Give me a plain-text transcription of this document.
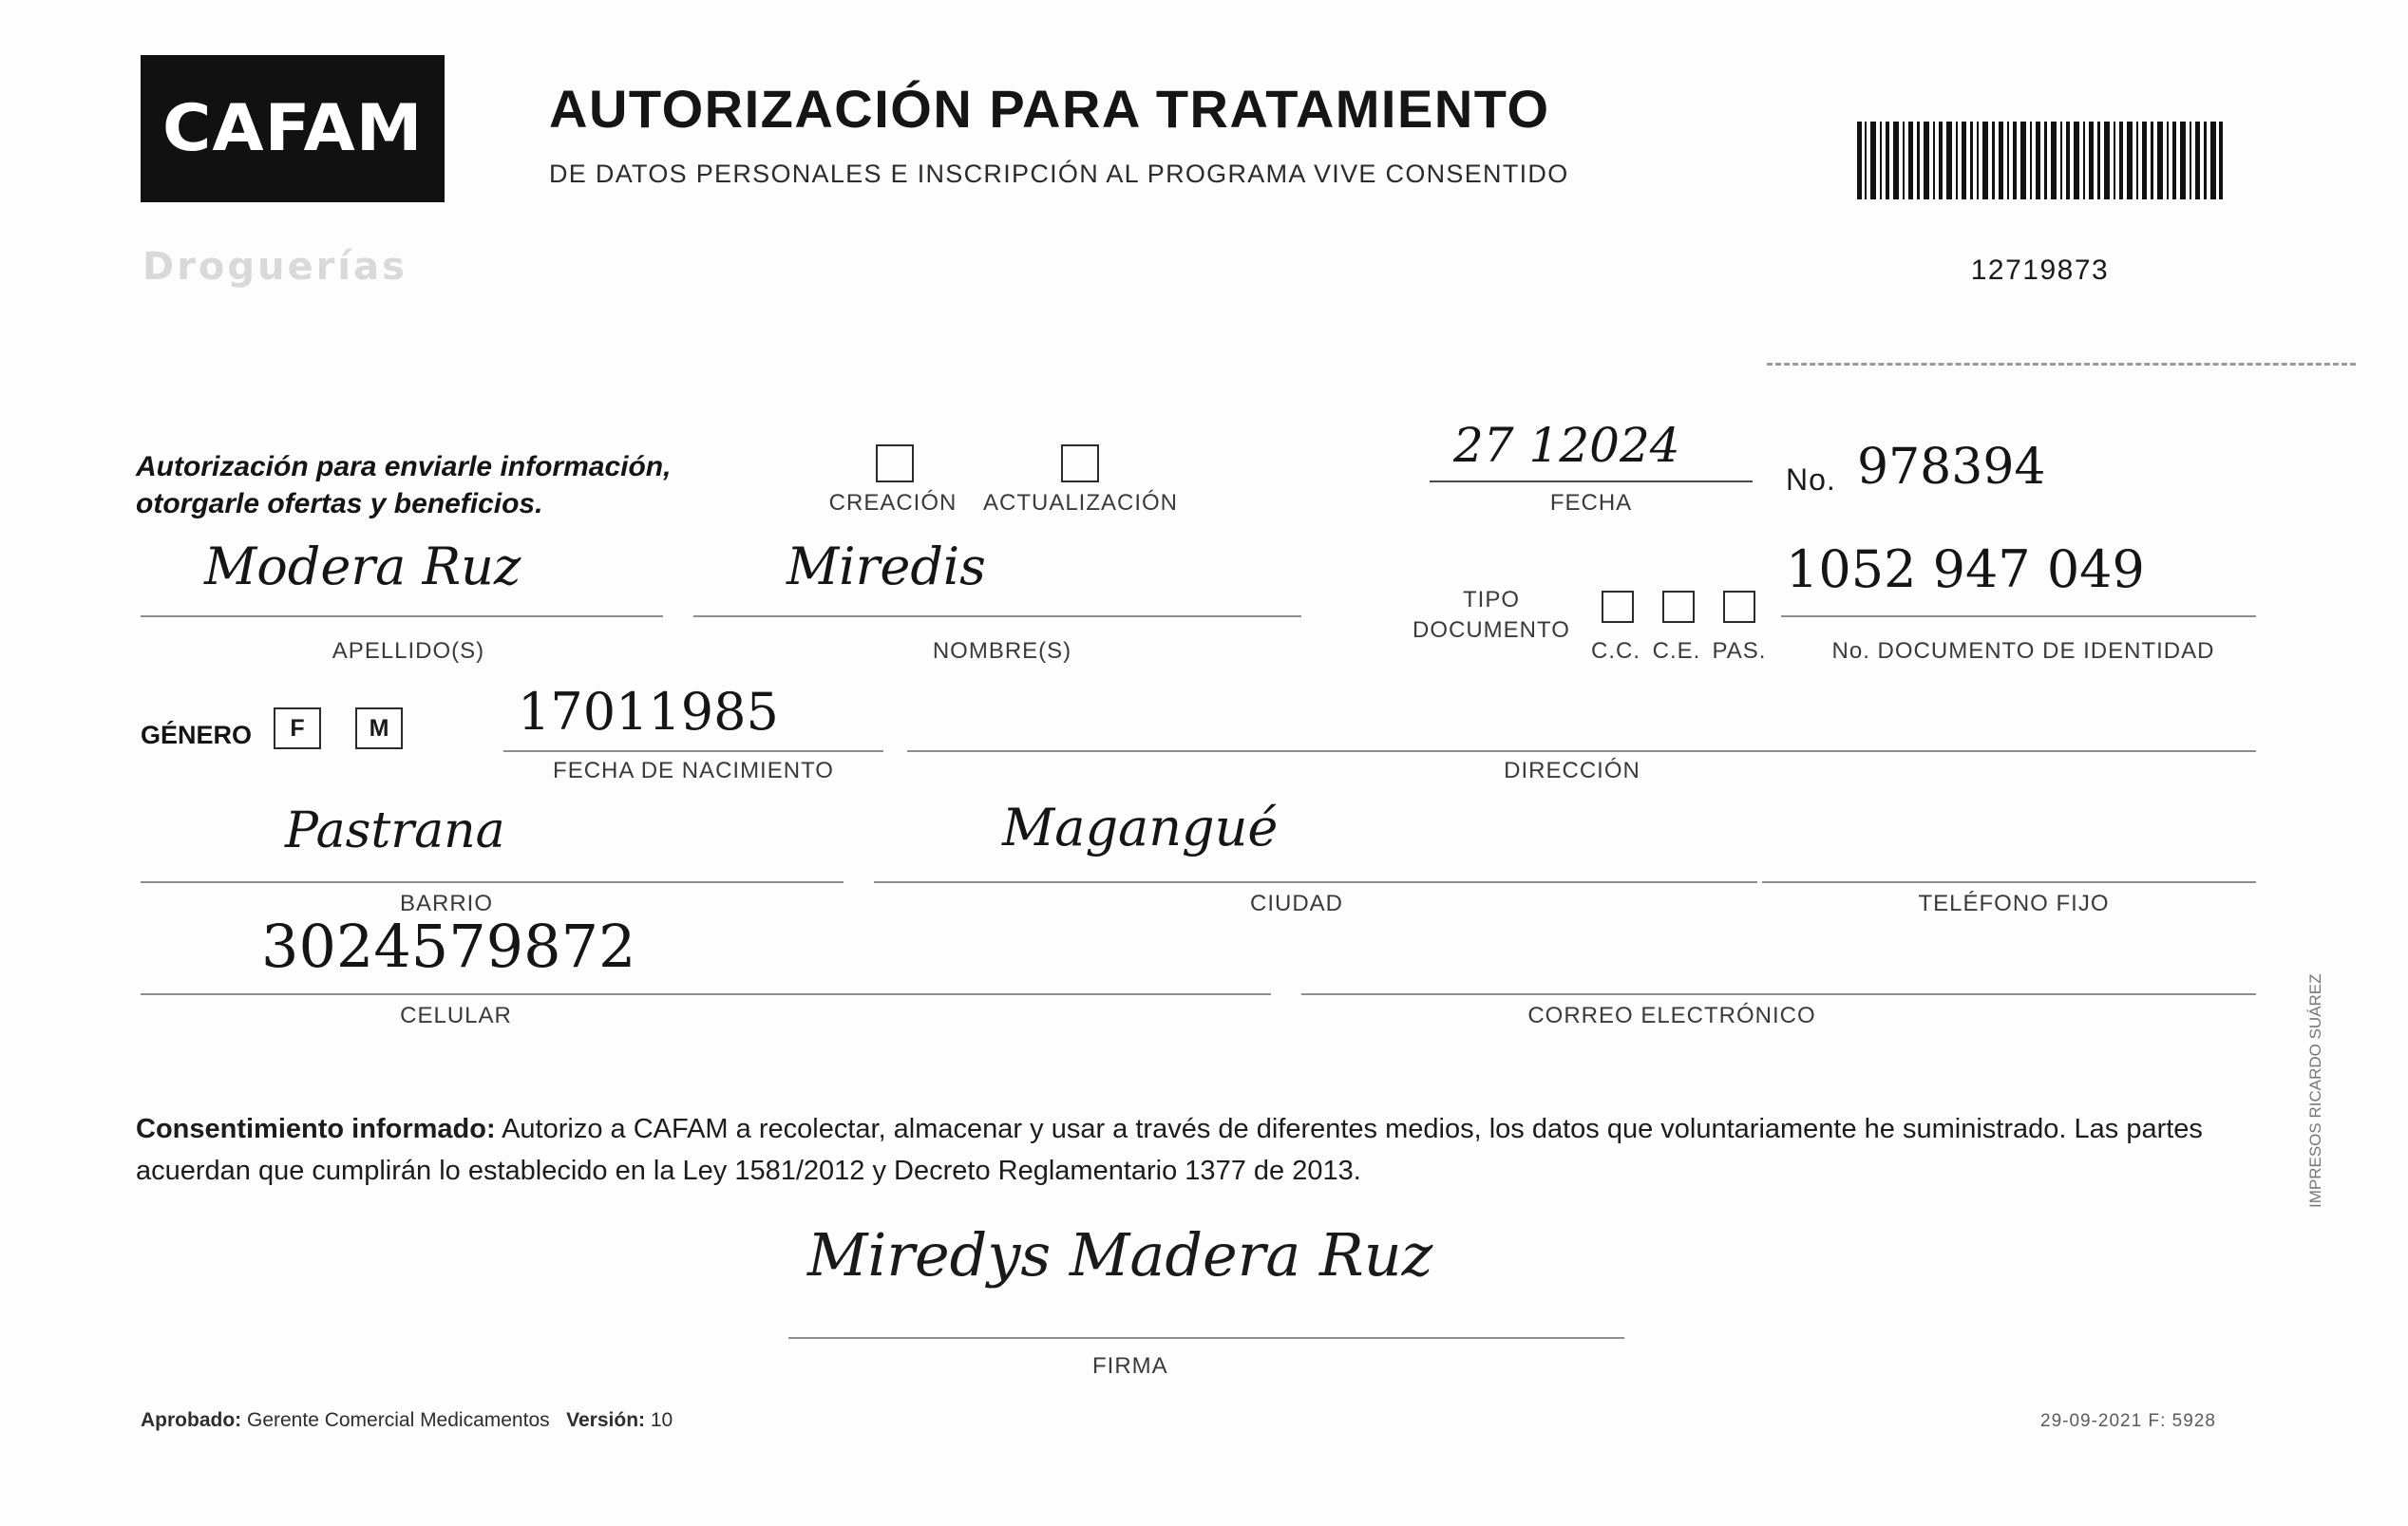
CAFAM
Droguerías
AUTORIZACIÓN PARA TRATAMIENTO
DE DATOS PERSONALES E INSCRIPCIÓN AL PROGRAMA VIVE CONSENTIDO
12719873
Autorización para enviarle información,
otorgarle ofertas y beneficios.	CREACIÓN	ACTUALIZACIÓN
27 12024
FECHA
No. 978394
Modera Ruz	Miredis
APELLIDO(S)	NOMBRE(S)
TIPO
DOCUMENTO
C.C. C.E. PAS.
1052 947 049
No. DOCUMENTO DE IDENTIDAD
GÉNERO	F	M	17011985
FECHA DE NACIMIENTO	DIRECCIÓN
Pastrana
BARRIO
Magangué
CIUDAD	TELÉFONO FIJO
3024579872
CELULAR	CORREO ELECTRÓNICO
Consentimiento informado: Autorizo a CAFAM a recolectar, almacenar y usar a través de diferentes medios, los datos que voluntariamente he suministrado. Las partes acuerdan que cumplirán lo establecido en la Ley 1581/2012 y Decreto Reglamentario 1377 de 2013.
Miredys Madera Ruz
FIRMA
Aprobado: Gerente Comercial Medicamentos Versión: 10	29-09-2021 F: 5928
IMPRESOS RICARDO SUÁREZ
